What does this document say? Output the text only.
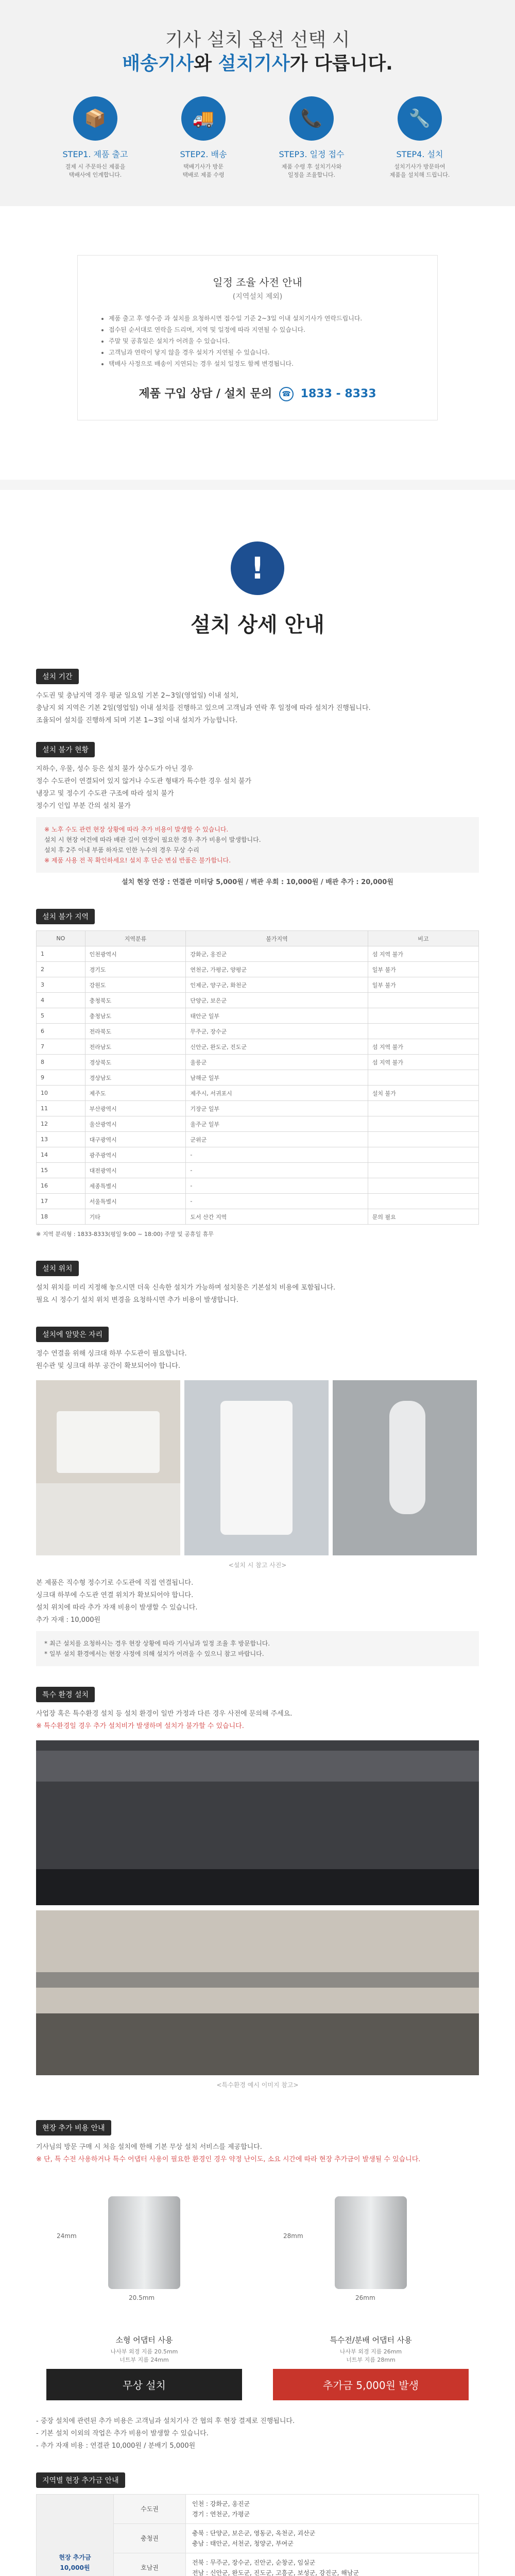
기사 설치 옵션 선택 시
배송기사와 설치기사가 다릅니다.
📦
STEP1. 제품 출고
결제 시 주문하신 제품을
택배사에 인계합니다.
🚚
STEP2. 배송
택배기사가 방문
택배로 제품 수령
📞
STEP3. 일정 접수
제품 수령 후 설치기사와
일정을 조율합니다.
🔧
STEP4. 설치
설치기사가 방문하여
제품을 설치해 드립니다.
일정 조율 사전 안내
(지역설치 제외)
• 제품 출고 후 영수증 과 설치를 요청하시면 접수일 기준 2~3일 이내 설치기사가 연락드립니다.
• 접수된 순서대로 연락을 드리며, 지역 및 일정에 따라 지연될 수 있습니다.
• 주말 및 공휴일은 설치가 어려울 수 있습니다.
• 고객님과 연락이 닿지 않을 경우 설치가 지연될 수 있습니다.
• 택배사 사정으로 배송이 지연되는 경우 설치 일정도 함께 변경됩니다.
제품 구입 상담 / 설치 문의 ☎ 1833 - 8333
!
설치 상세 안내
설치 기간

수도권 및 충남지역 경우 평균 일요일 기본 2~3일(영업일) 이내 설치,

충남지 외 지역은 기본 2일(영업일) 이내 설치를 진행하고 있으며 고객님과 연락 후 일정에 따라 설치가 진행됩니다.

조율되어 설치를 진행하게 되며 기본 1~3일 이내 설치가 가능합니다.

설치 불가 현황

지하수, 우물, 성수 등은 설치 불가 상수도가 아닌 경우

정수 수도관이 연결되어 있지 않거나 수도관 형태가 특수한 경우 설치 불가

냉장고 및 정수기 수도관 구조에 따라 설치 불가

정수기 인입 부분 간의 설치 불가

※ 노후 수도 관련 현장 상황에 따라 추가 비용이 발생할 수 있습니다.

설치 시 현장 여건에 따라 배관 길이 연장이 필요한 경우 추가 비용이 발생합니다.

설치 후 2주 이내 부품 하자로 인한 누수의 경우 무상 수리

※ 제품 사용 전 꼭 확인하세요! 설치 후 단순 변심 반품은 불가합니다.

설치 현장 연장 : 연결관 미터당 5,000원 / 벽관 우회 : 10,000원 / 배관 추가 : 20,000원
설치 불가 지역
NO	지역분류	불가지역	비고
1	인천광역시	강화군, 옹진군	섬 지역 불가
2	경기도	연천군, 가평군, 양평군	일부 불가
3	강원도	인제군, 양구군, 화천군	일부 불가
4	충청북도	단양군, 보은군	
5	충청남도	태안군 일부	
6	전라북도	무주군, 장수군	
7	전라남도	신안군, 완도군, 진도군	섬 지역 불가
8	경상북도	울릉군	섬 지역 불가
9	경상남도	남해군 일부	
10	제주도	제주시, 서귀포시	설치 불가
11	부산광역시	기장군 일부	
12	울산광역시	울주군 일부	
13	대구광역시	군위군	
14	광주광역시	-	
15	대전광역시	-	
16	세종특별시	-	
17	서울특별시	-	
18	기타	도서 산간 지역	문의 필요
※ 지역 분리형 : 1833-8333(평일 9:00 ~ 18:00) 주말 및 공휴일 휴무
설치 위치

설치 위치를 미리 지정해 놓으시면 더욱 신속한 설치가 가능하며 설치물은 기본설치 비용에 포함됩니다.

필요 시 정수기 설치 위치 변경을 요청하시면 추가 비용이 발생합니다.

설치에 알맞은 자리

정수 연결을 위해 싱크대 하부 수도관이 필요합니다.

원수관 및 싱크대 하부 공간이 확보되어야 합니다.

<설치 시 참고 사진>

본 제품은 직수형 정수기로 수도관에 직접 연결됩니다.

싱크대 하부에 수도관 연결 위치가 확보되어야 합니다.

설치 위치에 따라 추가 자재 비용이 발생할 수 있습니다.

추가 자재 : 10,000원

* 최근 설치를 요청하시는 경우 현장 상황에 따라 기사님과 일정 조율 후 방문합니다.

* 일부 설치 환경에서는 현장 사정에 의해 설치가 어려울 수 있으니 참고 바랍니다.

특수 환경 설치

사업장 혹은 특수환경 설치 등 설치 환경이 일반 가정과 다른 경우 사전에 문의해 주세요.

※ 특수환경일 경우 추가 설치비가 발생하며 설치가 불가할 수 있습니다.

<특수환경 예시 이미지 참고>
현장 추가 비용 안내

기사님의 방문 구매 시 처음 설치에 한해 기본 무상 설치 서비스를 제공합니다.

※ 단, 특 수전 사용하거나 특수 어댑터 사용이 필요한 환경인 경우 약정 난이도, 소요 시간에 따라 현장 추가금이 발생될 수 있습니다.

20.5mm
24mm
소형 어댑터 사용
나사부 외경 지름 20.5mm
너트부 지름 24mm
무상 설치
26mm
28mm
특수전/분배 어댑터 사용
나사부 외경 지름 26mm
너트부 지름 28mm
추가금 5,000원 발생

- 중장 설치에 관련된 추가 비용은 고객님과 설치기사 간 협의 후 현장 결제로 진행됩니다.

- 기본 설치 이외의 작업은 추가 비용이 발생할 수 있습니다.

- 추가 자재 비용 : 연결관 10,000원 / 분배기 5,000원

지역별 현장 추가금 안내
현장 추가금
10,000원	수도권	인천 : 강화군, 옹진군
경기 : 연천군, 가평군
	충청권	충북 : 단양군, 보은군, 영동군, 옥천군, 괴산군
충남 : 태안군, 서천군, 청양군, 부여군
	호남권	전북 : 무주군, 장수군, 진안군, 순창군, 임실군
전남 : 신안군, 완도군, 진도군, 고흥군, 보성군, 강진군, 해남군
